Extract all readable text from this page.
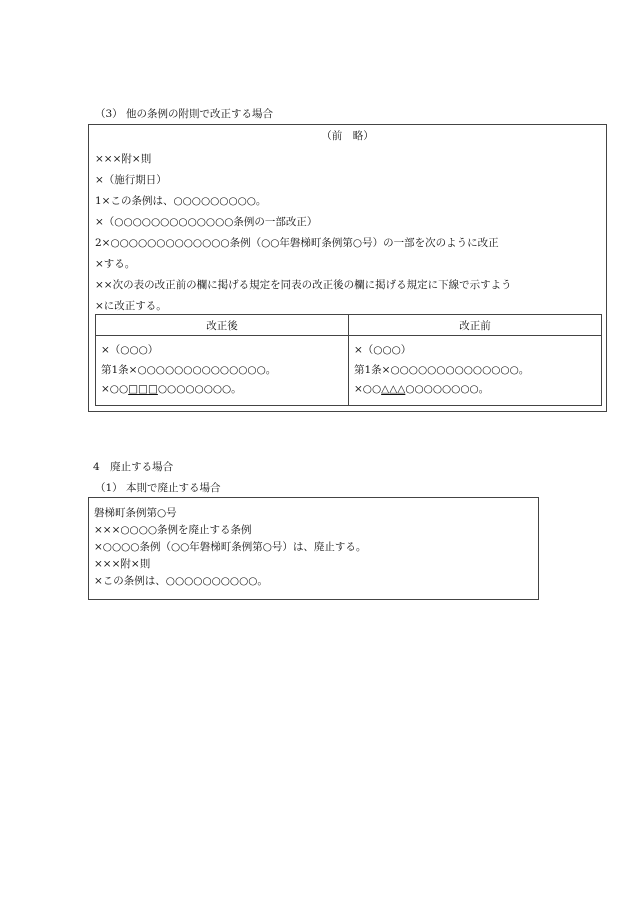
（3） 他の条例の附則で改正する場合
（前　略）
×××附×則
×（施行期日）
1×この条例は、○○○○○○○○○。
×（○○○○○○○○○○○○○条例の一部改正）
2×○○○○○○○○○○○○○条例（○○年磐梯町条例第○号）の一部を次のように改正
×する。
××次の表の改正前の欄に掲げる規定を同表の改正後の欄に掲げる規定に下線で示すよう
×に改正する。
改正後	改正前
×（○○○）	×（○○○）
第1条×○○○○○○○○○○○○○○。	第1条×○○○○○○○○○○○○○○。
×○○□□□○○○○○○○○。	×○○△△△○○○○○○○○。
4　廃止する場合
（1） 本則で廃止する場合
磐梯町条例第○号
×××○○○○条例を廃止する条例
×○○○○条例（○○年磐梯町条例第○号）は、廃止する。
×××附×則
×この条例は、○○○○○○○○○○。
